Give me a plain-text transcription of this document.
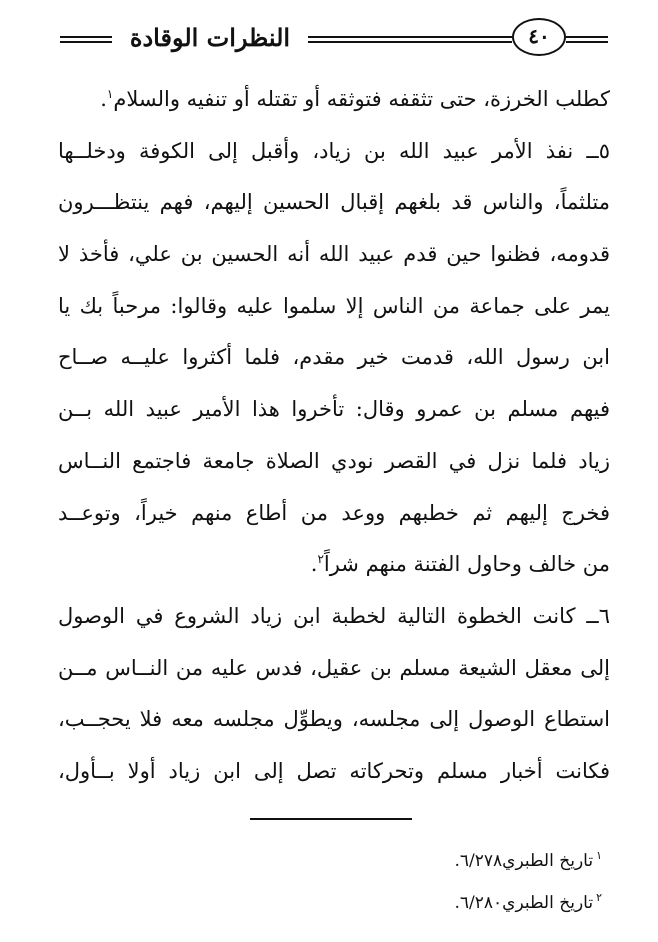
النظرات الوقادة	٤٠
كطلب الخرزة، حتى تثقفه فتوثقه أو تقتله أو تنفيه والسلام$^١$.
٥ــ نفذ الأمر عبيد الله بن زياد، وأقبل إلى الكوفة ودخلــها
متلثماً، والناس قد بلغهم إقبال الحسين إليهم، فهم ينتظـــرون
قدومه، فظنوا حين قدم عبيد الله أنه الحسين بن علي، فأخذ لا
يمر على جماعة من الناس إلا سلموا عليه وقالوا: مرحباً بك يا
ابن رسول الله، قدمت خير مقدم، فلما أكثروا عليــه صــاح
فيهم مسلم بن عمرو وقال: تأخروا هذا الأمير عبيد الله بــن
زياد فلما نزل في القصر نودي الصلاة جامعة فاجتمع النــاس
فخرج إليهم ثم خطبهم ووعد من أطاع منهم خيراً، وتوعــد
من خالف وحاول الفتنة منهم شراً$^٢$.
٦ــ كانت الخطوة التالية لخطبة ابن زياد الشروع في الوصول
إلى معقل الشيعة مسلم بن عقيل، فدس عليه من النــاس مــن
استطاع الوصول إلى مجلسه، ويطوِّل مجلسه معه فلا يحجــب،
فكانت أخبار مسلم وتحركاته تصل إلى ابن زياد أولا بــأول،
$^١$تاريخ الطبري٦/٢٧٨.
$^٢$تاريخ الطبري٦/٢٨٠.
